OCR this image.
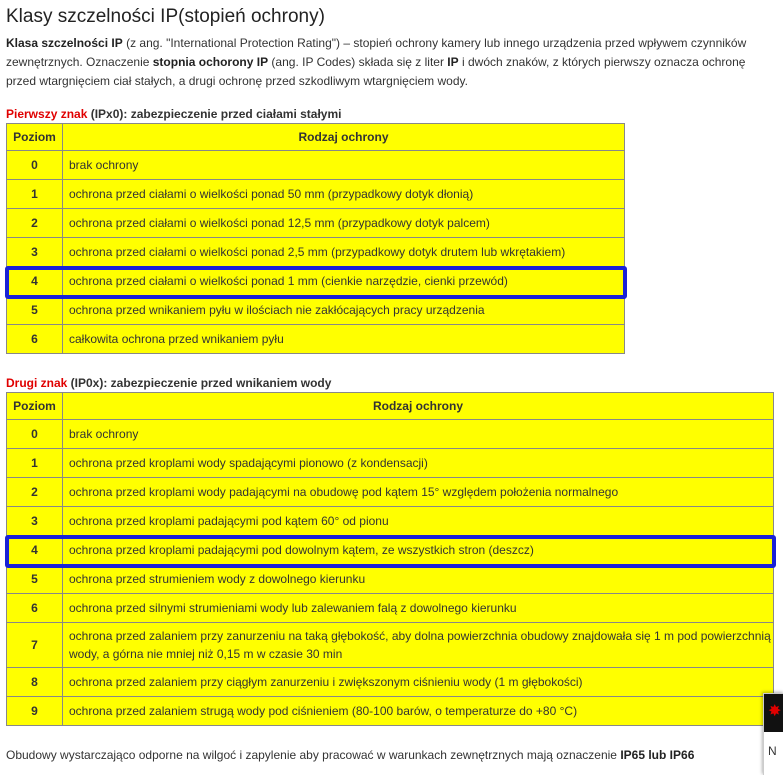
Klasy szczelności IP(stopień ochrony)
Klasa szczelności IP (z ang. "International Protection Rating") – stopień ochrony kamery lub innego urządzenia przed wpływem czynników zewnętrznych. Oznaczenie stopnia ochorony IP (ang. IP Codes) składa się z liter IP i dwóch znaków, z których pierwszy oznacza ochronę przed wtargnięciem ciał stałych, a drugi ochronę przed szkodliwym wtargnięciem wody.
Pierwszy znak (IPx0): zabezpieczenie przed ciałami stałymi
Poziom	Rodzaj ochrony
0	brak ochrony
1	ochrona przed ciałami o wielkości ponad 50 mm (przypadkowy dotyk dłonią)
2	ochrona przed ciałami o wielkości ponad 12,5 mm (przypadkowy dotyk palcem)
3	ochrona przed ciałami o wielkości ponad 2,5 mm (przypadkowy dotyk drutem lub wkrętakiem)
4	ochrona przed ciałami o wielkości ponad 1 mm (cienkie narzędzie, cienki przewód)
5	ochrona przed wnikaniem pyłu w ilościach nie zakłócających pracy urządzenia
6	całkowita ochrona przed wnikaniem pyłu
Drugi znak (IP0x): zabezpieczenie przed wnikaniem wody
Poziom	Rodzaj ochrony
0	brak ochrony
1	ochrona przed kroplami wody spadającymi pionowo (z kondensacji)
2	ochrona przed kroplami wody padającymi na obudowę pod kątem 15° względem położenia normalnego
3	ochrona przed kroplami padającymi pod kątem 60° od pionu
4	ochrona przed kroplami padającymi pod dowolnym kątem, ze wszystkich stron (deszcz)
5	ochrona przed strumieniem wody z dowolnego kierunku
6	ochrona przed silnymi strumieniami wody lub zalewaniem falą z dowolnego kierunku
7	ochrona przed zalaniem przy zanurzeniu na taką głębokość, aby dolna powierzchnia obudowy znajdowała się 1 m pod powierzchnią wody, a górna nie mniej niż 0,15 m w czasie 30 min
8	ochrona przed zalaniem przy ciągłym zanurzeniu i zwiększonym ciśnieniu wody (1 m głębokości)
9	ochrona przed zalaniem strugą wody pod ciśnieniem (80-100 barów, o temperaturze do +80 °C)
Obudowy wystarczająco odporne na wilgoć i zapylenie aby pracować w warunkach zewnętrznych mają oznaczenie IP65 lub IP66
✸
N
